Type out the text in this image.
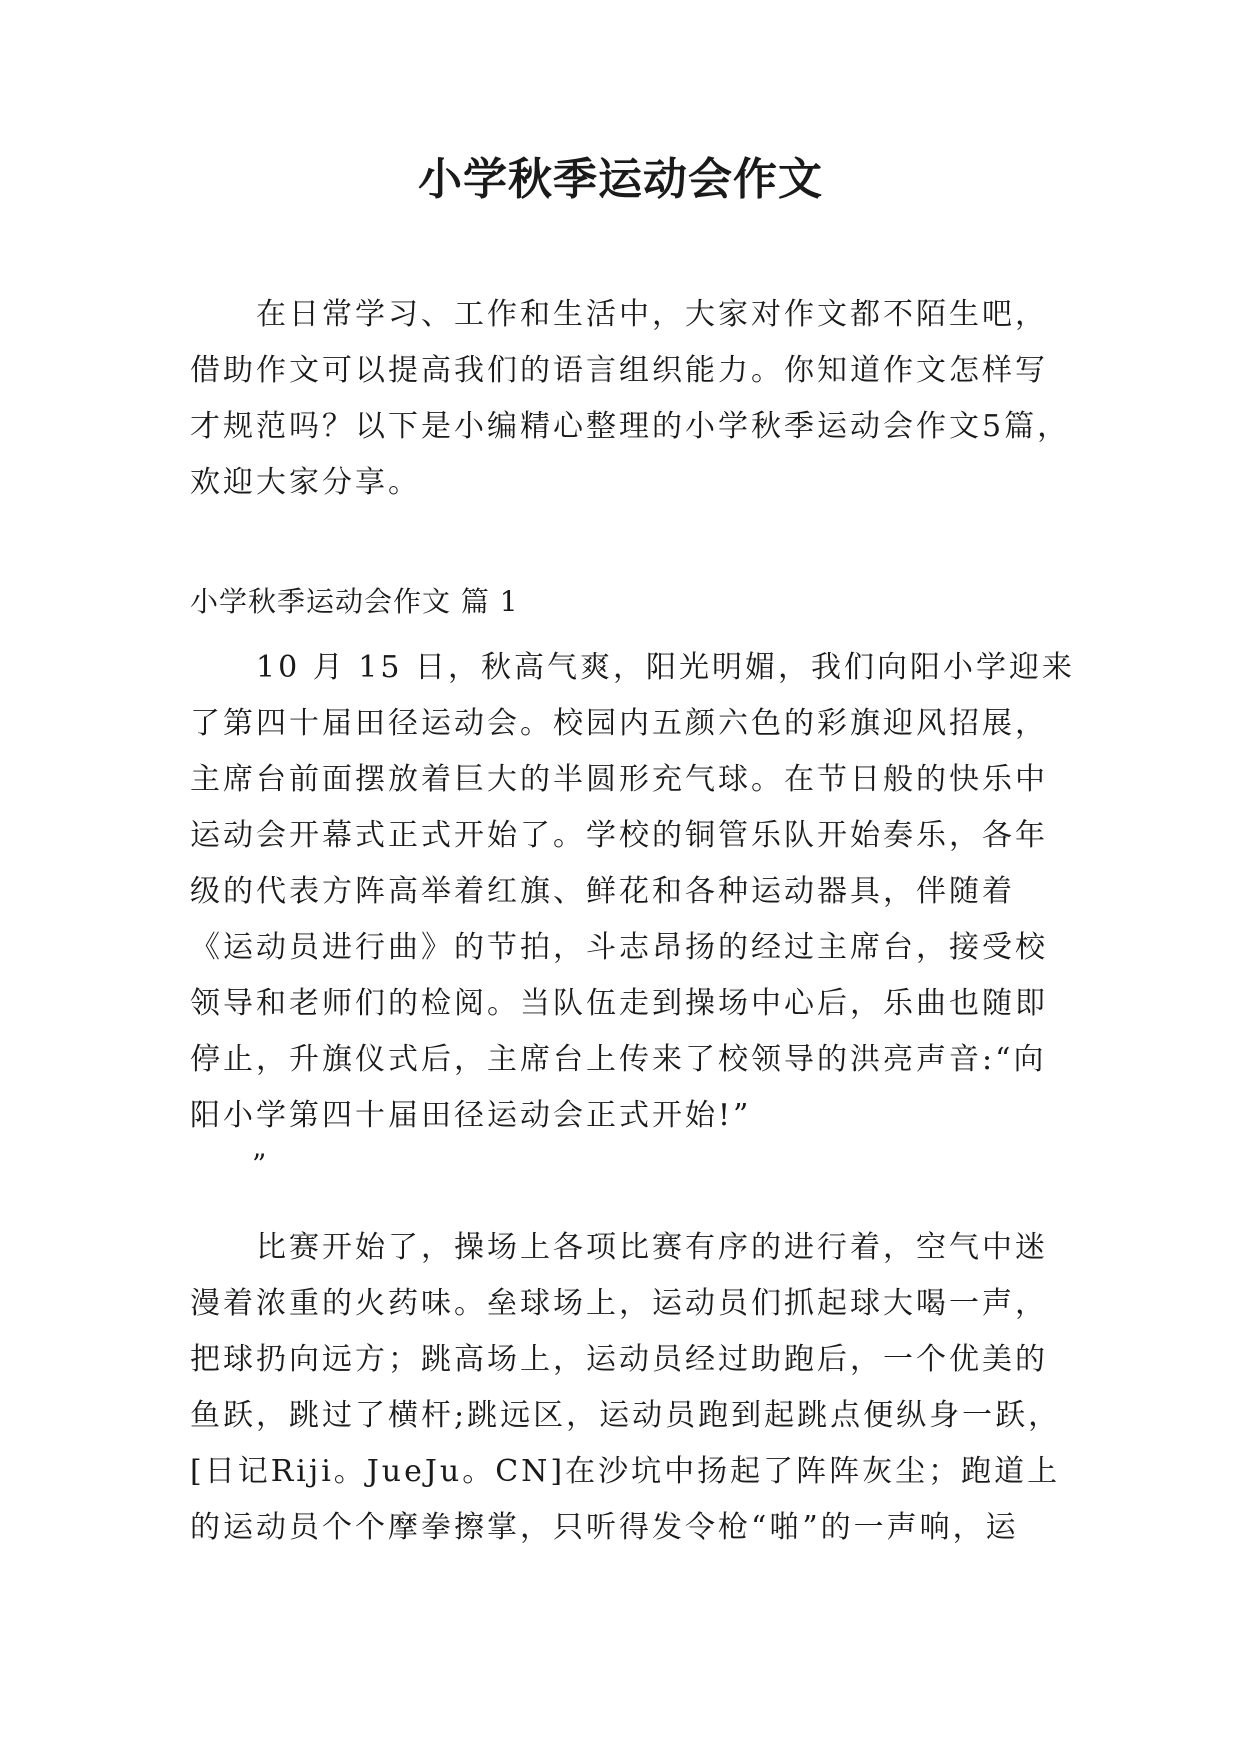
小学秋季运动会作文
在日常学习、工作和生活中，大家对作文都不陌生吧，
借助作文可以提高我们的语言组织能力。你知道作文怎样写
才规范吗？以下是小编精心整理的小学秋季运动会作文5篇，
欢迎大家分享。

小学秋季运动会作文 篇 1

10 月 15 日，秋高气爽，阳光明媚，我们向阳小学迎来
了第四十届田径运动会。校园内五颜六色的彩旗迎风招展，
主席台前面摆放着巨大的半圆形充气球。在节日般的快乐中
运动会开幕式正式开始了。学校的铜管乐队开始奏乐，各年
级的代表方阵高举着红旗、鲜花和各种运动器具，伴随着
《运动员进行曲》的节拍，斗志昂扬的经过主席台，接受校
领导和老师们的检阅。当队伍走到操场中心后，乐曲也随即
停止，升旗仪式后，主席台上传来了校领导的洪亮声音:“向
阳小学第四十届田径运动会正式开始!”

”

比赛开始了，操场上各项比赛有序的进行着，空气中迷
漫着浓重的火药味。垒球场上，运动员们抓起球大喝一声，
把球扔向远方；跳高场上，运动员经过助跑后，一个优美的
鱼跃，跳过了横杆;跳远区，运动员跑到起跳点便纵身一跃，
[日记Riji。JueJu。CN]在沙坑中扬起了阵阵灰尘；跑道上
的运动员个个摩拳擦掌，只听得发令枪“啪”的一声响，运
